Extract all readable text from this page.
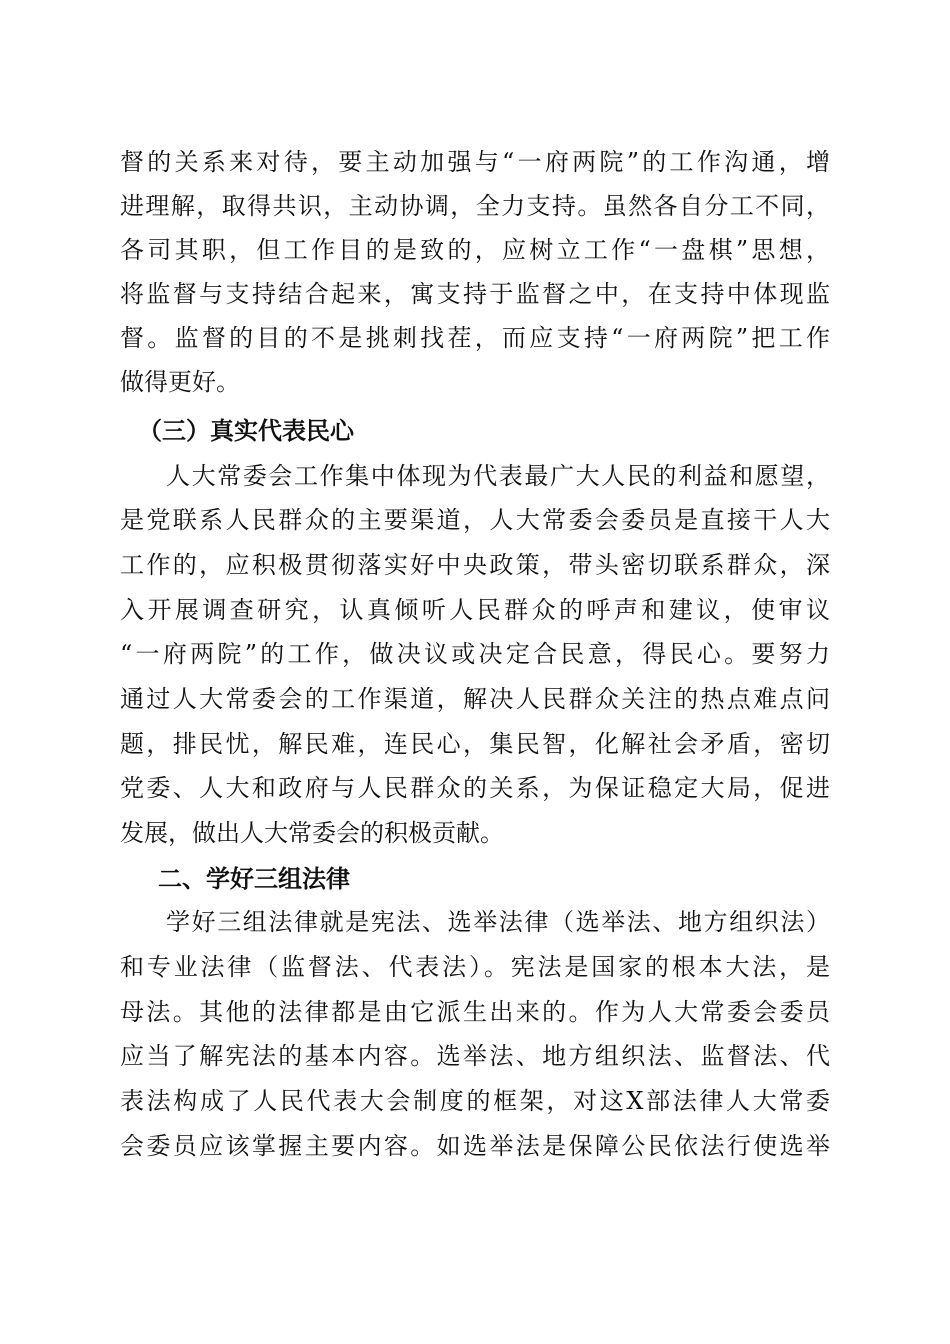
督的关系来对待，要主动加强与“一府两院”的工作沟通，增
进理解，取得共识，主动协调，全力支持。虽然各自分工不同，
各司其职，但工作目的是致的，应树立工作“一盘棋”思想，
将监督与支持结合起来，寓支持于监督之中，在支持中体现监
督。监督的目的不是挑刺找茬，而应支持“一府两院”把工作
做得更好。
（三）真实代表民心
人大常委会工作集中体现为代表最广大人民的利益和愿望，
是党联系人民群众的主要渠道，人大常委会委员是直接干人大
工作的，应积极贯彻落实好中央政策，带头密切联系群众，深
入开展调查研究，认真倾听人民群众的呼声和建议，使审议
“一府两院”的工作，做决议或决定合民意，得民心。要努力
通过人大常委会的工作渠道，解决人民群众关注的热点难点问
题，排民忧，解民难，连民心，集民智，化解社会矛盾，密切
党委、人大和政府与人民群众的关系，为保证稳定大局，促进
发展，做出人大常委会的积极贡献。
二、学好三组法律
学好三组法律就是宪法、选举法律（选举法、地方组织法）
和专业法律（监督法、代表法）。宪法是国家的根本大法，是
母法。其他的法律都是由它派生出来的。作为人大常委会委员
应当了解宪法的基本内容。选举法、地方组织法、监督法、代
表法构成了人民代表大会制度的框架，对这X部法律人大常委
会委员应该掌握主要内容。如选举法是保障公民依法行使选举
